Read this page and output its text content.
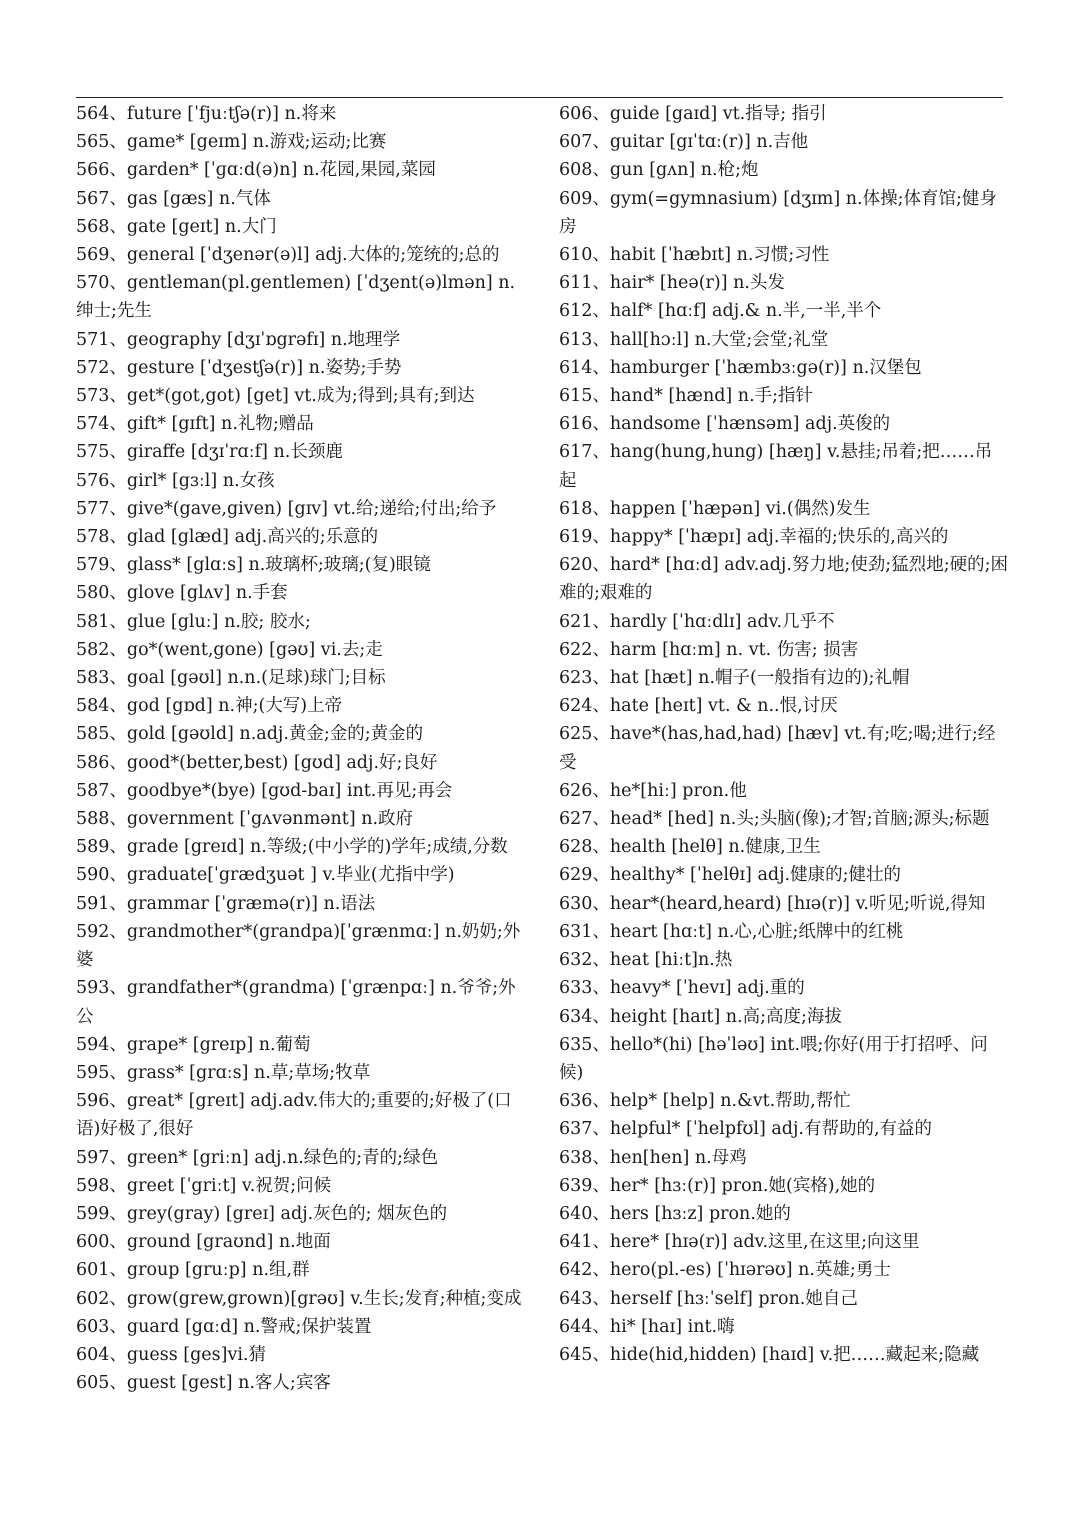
564、future [ˈfjuːtʃə(r)] n.将来

565、game* [geɪm] n.游戏;运动;比赛

566、garden* [ˈɡɑːd(ə)n] n.花园,果园,菜园

567、gas [gæs] n.气体

568、gate [geɪt] n.大门

569、general [ˈdʒenər(ə)l] adj.大体的;笼统的;总的

570、gentleman(pl.gentlemen) [ˈdʒent(ə)lmən] n.绅士;先生

571、geography [dʒɪˈɒgrəfɪ] n.地理学

572、gesture [ˈdʒestʃə(r)] n.姿势;手势

573、get*(got,got) [get] vt.成为;得到;具有;到达

574、gift* [gɪft] n.礼物;赠品

575、giraffe [dʒɪˈrɑːf] n.长颈鹿

576、girl* [gɜːl] n.女孩

577、give*(gave,given) [gɪv] vt.给;递给;付出;给予

578、glad [glæd] adj.高兴的;乐意的

579、glass* [glɑːs] n.玻璃杯;玻璃;(复)眼镜

580、glove [glʌv] n.手套

581、glue [gluː] n.胶; 胶水;

582、go*(went,gone) [gəʊ] vi.去;走

583、goal [gəʊl] n.n.(足球)球门;目标

584、god [gɒd] n.神;(大写)上帝

585、gold [gəʊld] n.adj.黄金;金的;黄金的

586、good*(better,best) [gʊd] adj.好;良好

587、goodbye*(bye) [gʊd-baɪ] int.再见;再会

588、government [ˈgʌvənmənt] n.政府

589、grade [greɪd] n.等级;(中小学的)学年;成绩,分数

590、graduate[ˈgrædʒuət ] v.毕业(尤指中学)

591、grammar [ˈgræmə(r)] n.语法

592、grandmother*(grandpa)[ˈgrænmɑː] n.奶奶;外婆

593、grandfather*(grandma) [ˈgrænpɑː] n.爷爷;外公

594、grape* [greɪp] n.葡萄

595、grass* [grɑːs] n.草;草场;牧草

596、great* [greɪt] adj.adv.伟大的;重要的;好极了(口语)好极了,很好

597、green* [griːn] adj.n.绿色的;青的;绿色

598、greet [ˈgriːt] v.祝贺;问候

599、grey(gray) [greɪ] adj.灰色的; 烟灰色的

600、ground [graʊnd] n.地面

601、group [gruːp] n.组,群

602、grow(grew,grown)[grəʊ] v.生长;发育;种植;变成

603、guard [gɑːd] n.警戒;保护装置

604、guess [ges]vi.猜

605、guest [gest] n.客人;宾客

606、guide [gaɪd] vt.指导; 指引

607、guitar [gɪˈtɑː(r)] n.吉他

608、gun [gʌn] n.枪;炮

609、gym(=gymnasium) [dʒɪm] n.体操;体育馆;健身房

610、habit [ˈhæbɪt] n.习惯;习性

611、hair* [heə(r)] n.头发

612、half* [hɑːf] adj.& n.半,一半,半个

613、hall[hɔːl] n.大堂;会堂;礼堂

614、hamburger [ˈhæmbɜːgə(r)] n.汉堡包

615、hand* [hænd] n.手;指针

616、handsome [ˈhænsəm] adj.英俊的

617、hang(hung,hung) [hæŋ] v.悬挂;吊着;把……吊起

618、happen [ˈhæpən] vi.(偶然)发生

619、happy* [ˈhæpɪ] adj.幸福的;快乐的,高兴的

620、hard* [hɑːd] adv.adj.努力地;使劲;猛烈地;硬的;困难的;艰难的

621、hardly [ˈhɑːdlɪ] adv.几乎不

622、harm [hɑːm] n. vt. 伤害; 损害

623、hat [hæt] n.帽子(一般指有边的);礼帽

624、hate [heɪt] vt. & n..恨,讨厌

625、have*(has,had,had) [hæv] vt.有;吃;喝;进行;经受

626、he*[hiː] pron.他

627、head* [hed] n.头;头脑(像);才智;首脑;源头;标题

628、health [helθ] n.健康,卫生

629、healthy* [ˈhelθɪ] adj.健康的;健壮的

630、hear*(heard,heard) [hɪə(r)] v.听见;听说,得知

631、heart [hɑːt] n.心,心脏;纸牌中的红桃

632、heat [hiːt]n.热

633、heavy* [ˈhevɪ] adj.重的

634、height [haɪt] n.高;高度;海拔

635、hello*(hi) [həˈləʊ] int.喂;你好(用于打招呼、问候)

636、help* [help] n.&vt.帮助,帮忙

637、helpful* [ˈhelpfʊl] adj.有帮助的,有益的

638、hen[hen] n.母鸡

639、her* [hɜː(r)] pron.她(宾格),她的

640、hers [hɜːz] pron.她的

641、here* [hɪə(r)] adv.这里,在这里;向这里

642、hero(pl.-es) [ˈhɪərəʊ] n.英雄;勇士

643、herself [hɜːˈself] pron.她自己

644、hi* [haɪ] int.嗨

645、hide(hid,hidden) [haɪd] v.把……藏起来;隐藏
